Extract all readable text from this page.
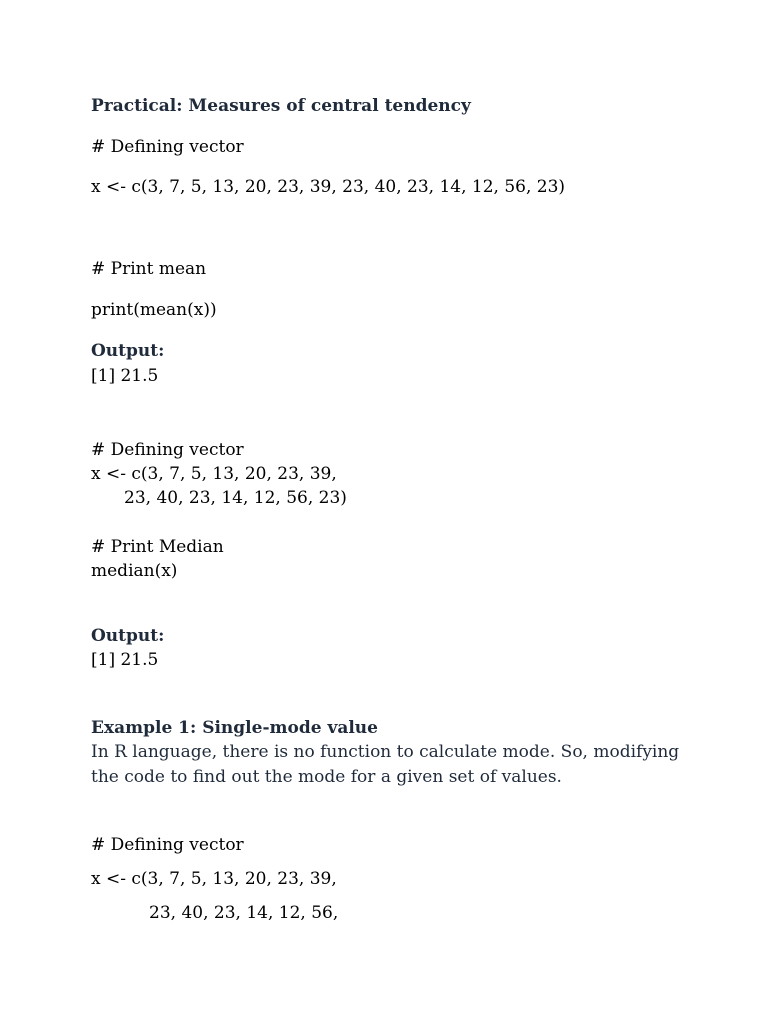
Practical: Measures of central tendency
# Defining vector
x <- c(3, 7, 5, 13, 20, 23, 39, 23, 40, 23, 14, 12, 56, 23)
# Print mean
print(mean(x))
Output:
[1] 21.5
# Defining vector
x <- c(3, 7, 5, 13, 20, 23, 39,
23, 40, 23, 14, 12, 56, 23)
# Print Median
median(x)
Output:
[1] 21.5
Example 1: Single-mode value
In R language, there is no function to calculate mode. So, modifying
the code to find out the mode for a given set of values.
# Defining vector
x <- c(3, 7, 5, 13, 20, 23, 39,
23, 40, 23, 14, 12, 56,
